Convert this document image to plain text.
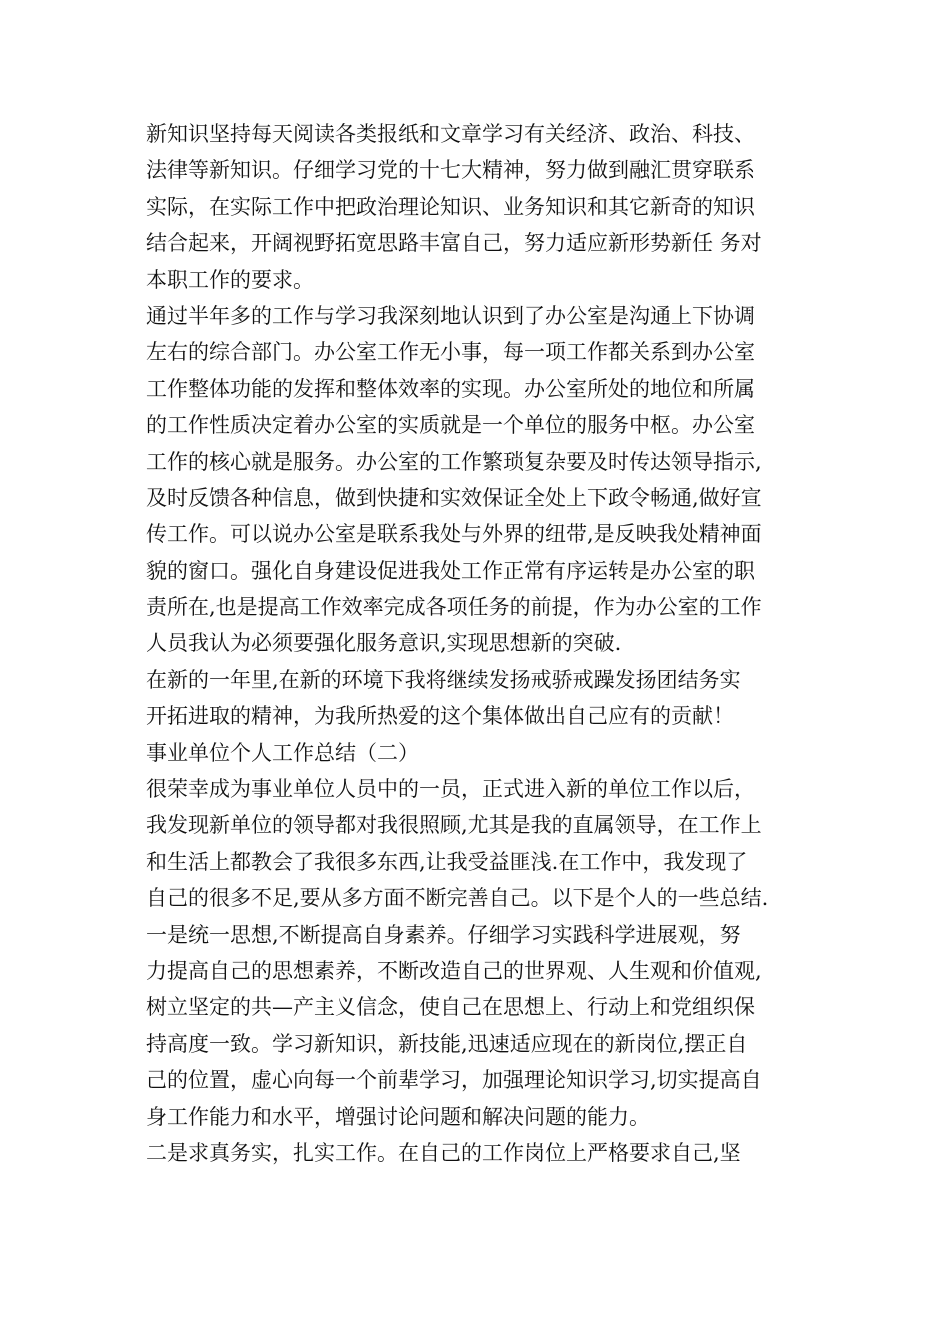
新知识坚持每天阅读各类报纸和文章学习有关经济、政治、科技、
法律等新知识。仔细学习党的十七大精神，努力做到融汇贯穿联系
实际，在实际工作中把政治理论知识、业务知识和其它新奇的知识
结合起来，开阔视野拓宽思路丰富自己，努力适应新形势新任 务对
本职工作的要求。
通过半年多的工作与学习我深刻地认识到了办公室是沟通上下协调
左右的综合部门。办公室工作无小事，每一项工作都关系到办公室
工作整体功能的发挥和整体效率的实现。办公室所处的地位和所属
的工作性质决定着办公室的实质就是一个单位的服务中枢。办公室
工作的核心就是服务。办公室的工作繁琐复杂要及时传达领导指示,
及时反馈各种信息，做到快捷和实效保证全处上下政令畅通,做好宣
传工作。可以说办公室是联系我处与外界的纽带,是反映我处精神面
貌的窗口。强化自身建设促进我处工作正常有序运转是办公室的职
责所在,也是提高工作效率完成各项任务的前提，作为办公室的工作
人员我认为必须要强化服务意识,实现思想新的突破.
在新的一年里,在新的环境下我将继续发扬戒骄戒躁发扬团结务实
开拓进取的精神，为我所热爱的这个集体做出自己应有的贡献！
事业单位个人工作总结（二）
很荣幸成为事业单位人员中的一员，正式进入新的单位工作以后，
我发现新单位的领导都对我很照顾,尤其是我的直属领导，在工作上
和生活上都教会了我很多东西,让我受益匪浅.在工作中，我发现了
自己的很多不足,要从多方面不断完善自己。以下是个人的一些总结.
一是统一思想,不断提高自身素养。仔细学习实践科学进展观，努
力提高自己的思想素养，不断改造自己的世界观、人生观和价值观,
树立坚定的共—产主义信念，使自己在思想上、行动上和党组织保
持高度一致。学习新知识，新技能,迅速适应现在的新岗位,摆正自
己的位置，虚心向每一个前辈学习，加强理论知识学习,切实提高自
身工作能力和水平，增强讨论问题和解决问题的能力。
二是求真务实，扎实工作。在自己的工作岗位上严格要求自己,坚
